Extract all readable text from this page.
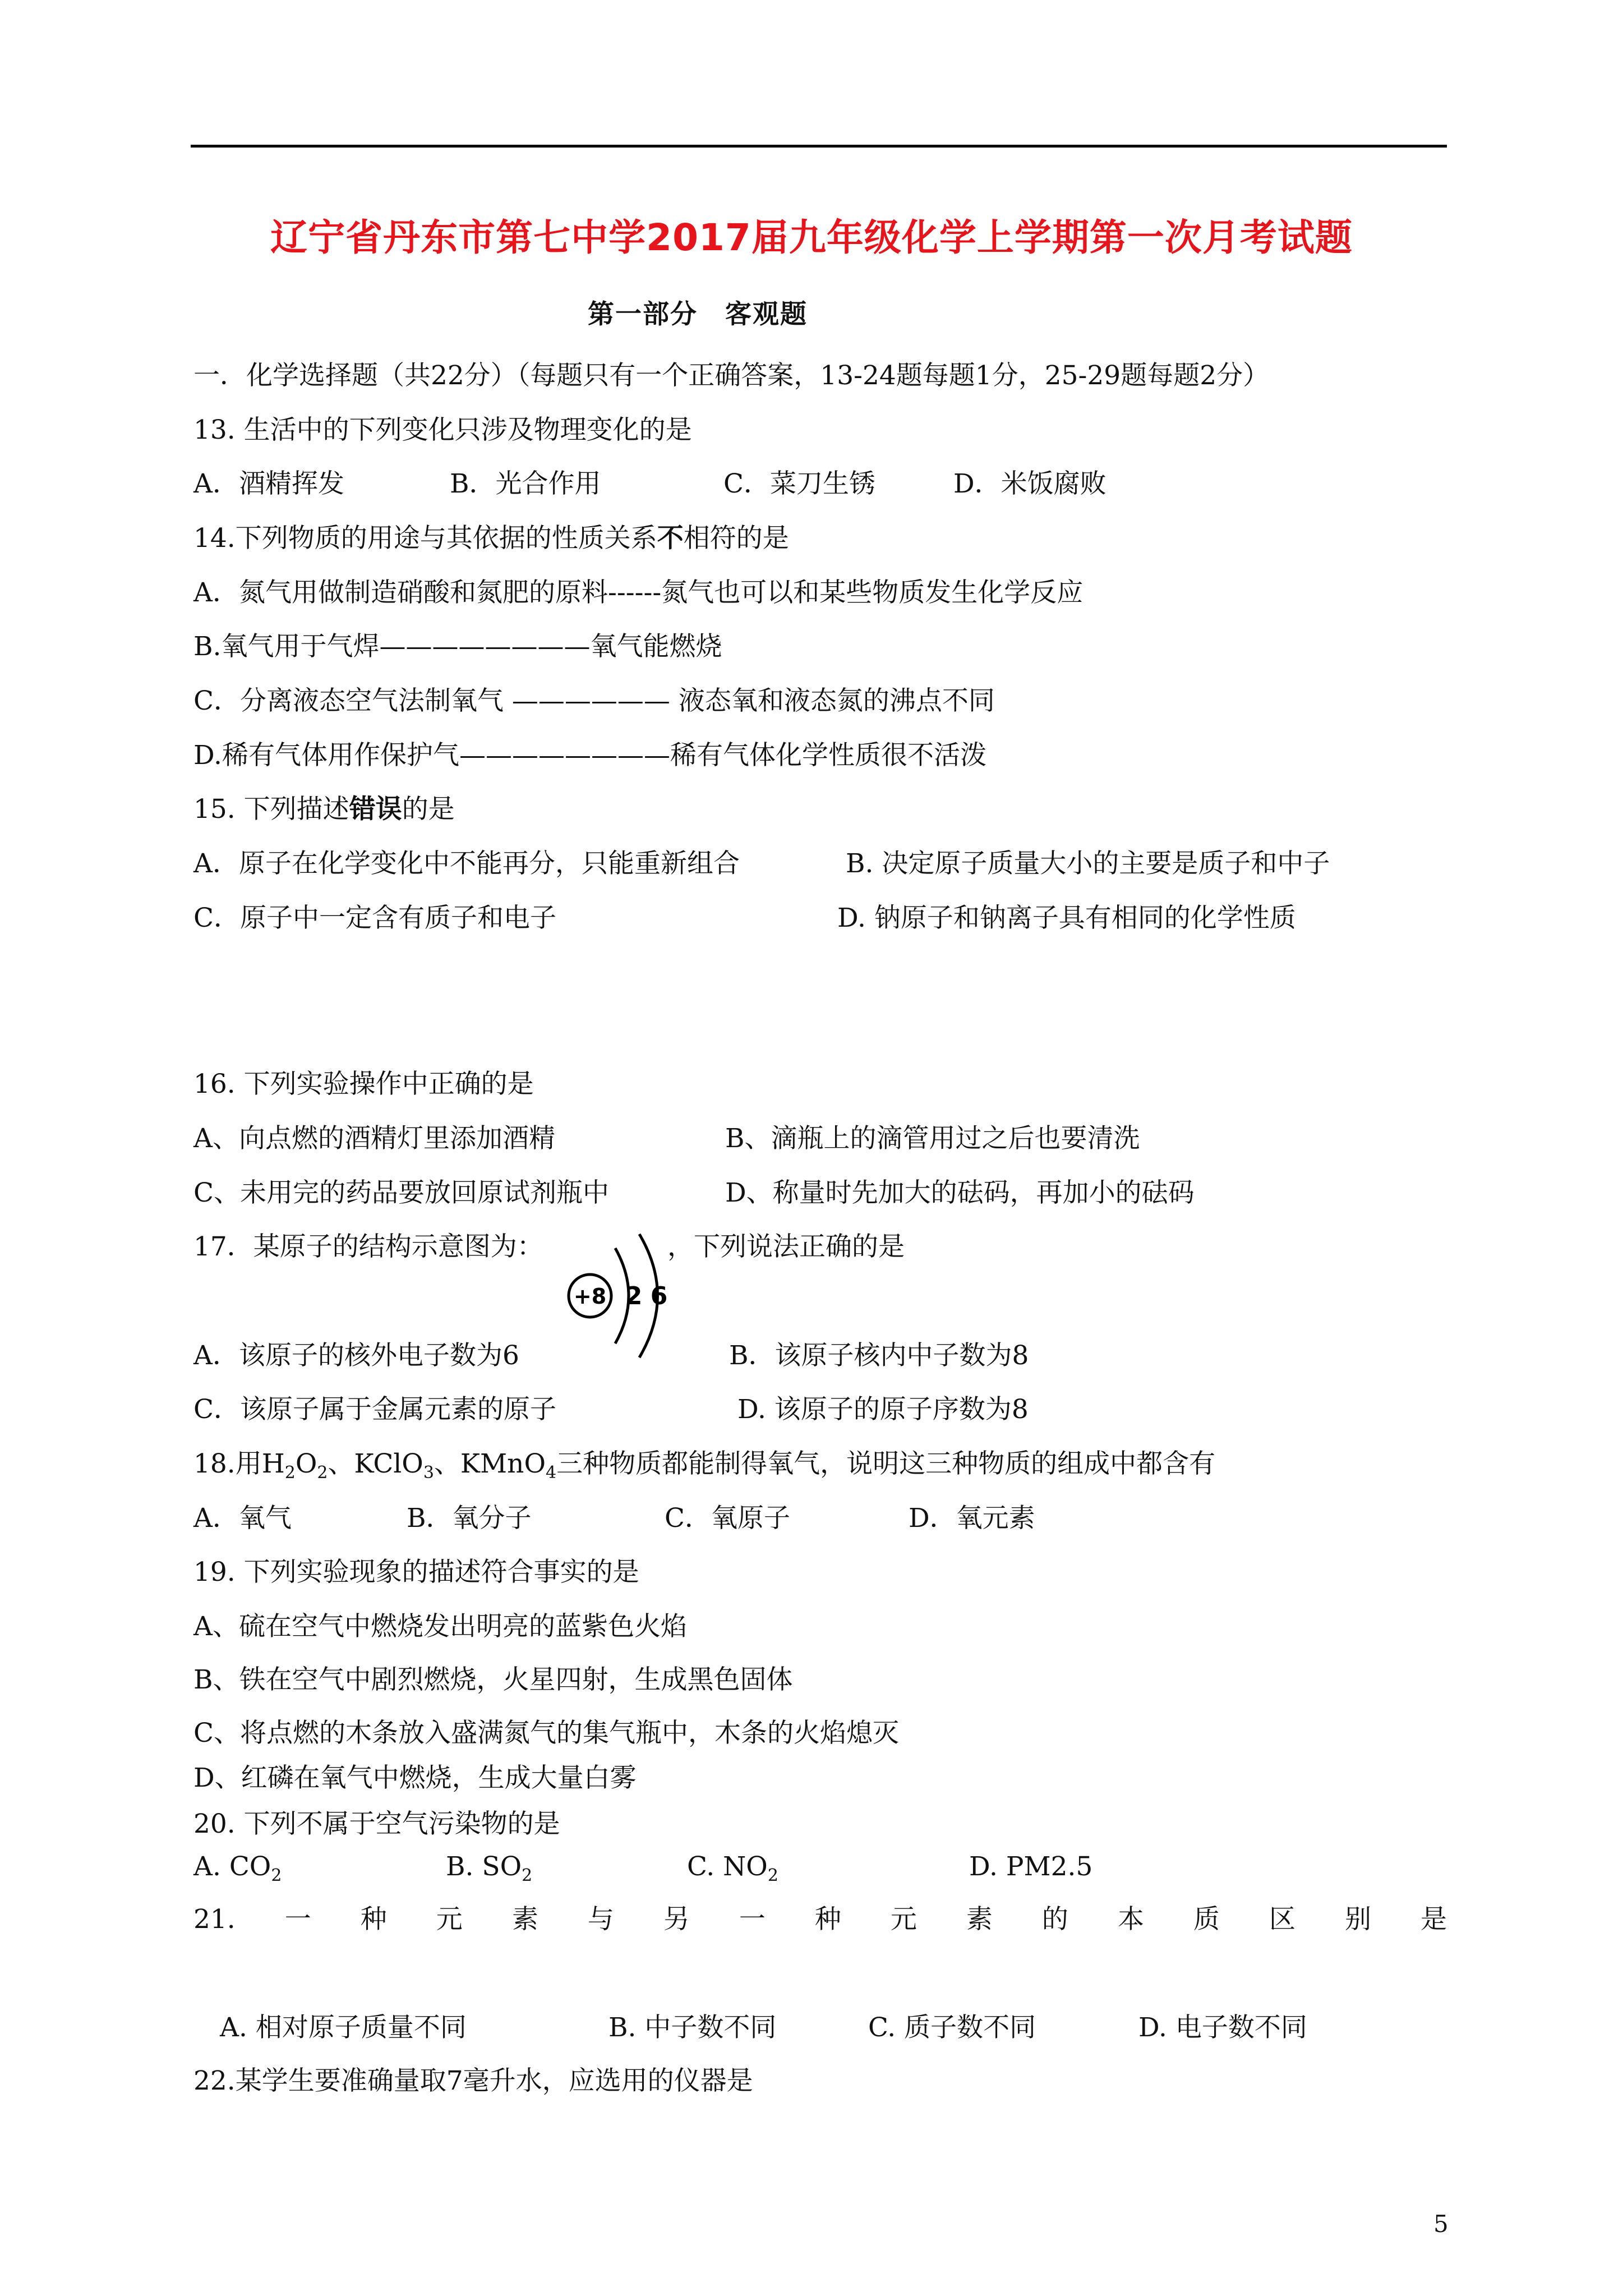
辽宁省丹东市第七中学2017届九年级化学上学期第一次月考试题
第一部分　客观题
一．化学选择题（共22分）（每题只有一个正确答案，13-24题每题1分，25-29题每题2分）
13. 生活中的下列变化只涉及物理变化的是
A．酒精挥发	B．光合作用	C．菜刀生锈	D．米饭腐败
14.下列物质的用途与其依据的性质关系不相符的是
A．氮气用做制造硝酸和氮肥的原料------氮气也可以和某些物质发生化学反应
B.氧气用于气焊————————氧气能燃烧
C．分离液态空气法制氧气 —————— 液态氧和液态氮的沸点不同
D.稀有气体用作保护气————————稀有气体化学性质很不活泼
15. 下列描述错误的是
A．原子在化学变化中不能再分，只能重新组合	B. 决定原子质量大小的主要是质子和中子
C．原子中一定含有质子和电子	D. 钠原子和钠离子具有相同的化学性质
16. 下列实验操作中正确的是
A、向点燃的酒精灯里添加酒精	B、滴瓶上的滴管用过之后也要清洗
C、未用完的药品要放回原试剂瓶中	D、称量时先加大的砝码，再加小的砝码
17．某原子的结构示意图为：
+8 2 6
，下列说法正确的是
A．该原子的核外电子数为6	B．该原子核内中子数为8
C．该原子属于金属元素的原子	D. 该原子的原子序数为8
18.用$H_2O_2$、KClO$_3$、KMnO$_4$三种物质都能制得氧气，说明这三种物质的组成中都含有
A．氧气	B．氧分子	C．氧原子	D．氧元素
19. 下列实验现象的描述符合事实的是
A、硫在空气中燃烧发出明亮的蓝紫色火焰
B、铁在空气中剧烈燃烧，火星四射，生成黑色固体
C、将点燃的木条放入盛满氮气的集气瓶中，木条的火焰熄灭
D、红磷在氧气中燃烧，生成大量白雾
20. 下列不属于空气污染物的是
A. $CO_2$	B. $SO_2$	C. $NO_2$	D. PM2.5
21. 一 种 元 素 与 另 一 种 元 素 的 本 质 区 别 是
A. 相对原子质量不同	B. 中子数不同	C. 质子数不同	D. 电子数不同
22.某学生要准确量取7毫升水，应选用的仪器是
5
